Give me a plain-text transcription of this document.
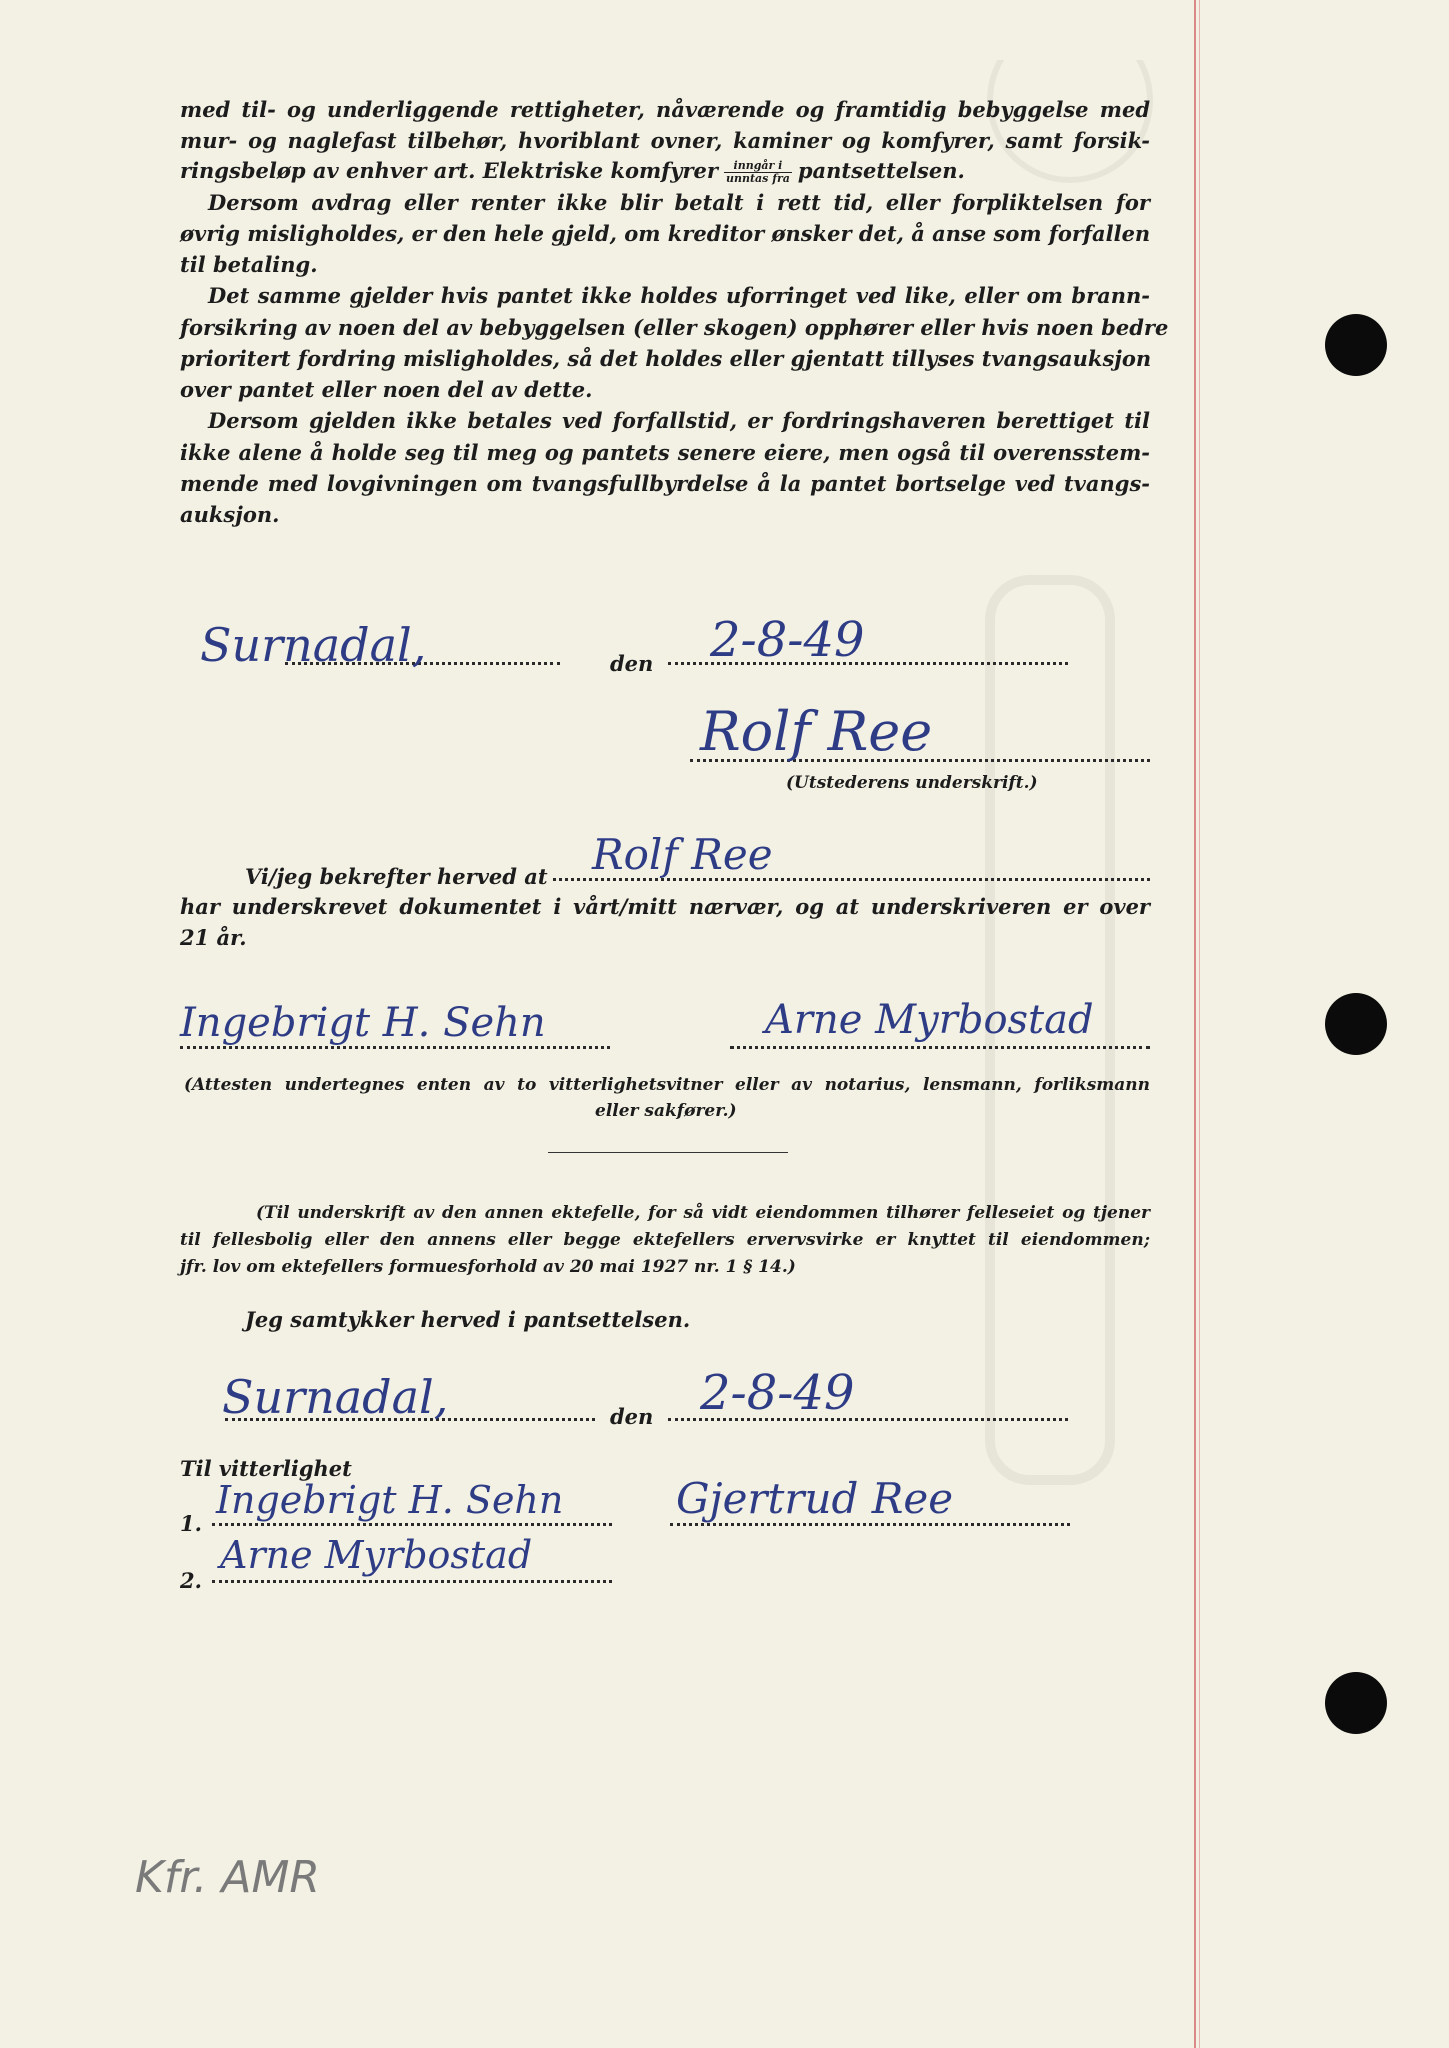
med til- og underliggende rettigheter, nåværende og framtidig bebyggelse med
mur- og naglefast tilbehør, hvoriblant ovner, kaminer og komfyrer, samt forsik-
ringsbeløp av enhver art. Elektriske komfyrer $\frac{\text{inngår i}}{\text{unntas fra}}$ pantsettelsen.
Dersom avdrag eller renter ikke blir betalt i rett tid, eller forpliktelsen for
øvrig misligholdes, er den hele gjeld, om kreditor ønsker det, å anse som forfallen
til betaling.
Det samme gjelder hvis pantet ikke holdes uforringet ved like, eller om brann-
forsikring av noen del av bebyggelsen (eller skogen) opphører eller hvis noen bedre
prioritert fordring misligholdes, så det holdes eller gjentatt tillyses tvangsauksjon
over pantet eller noen del av dette.
Dersom gjelden ikke betales ved forfallstid, er fordringshaveren berettiget til
ikke alene å holde seg til meg og pantets senere eiere, men også til overensstem-
mende med lovgivningen om tvangsfullbyrdelse å la pantet bortselge ved tvangs-
auksjon.
Surnadal,	den 2-8-49
Rolf Ree
(Utstederens underskrift.)
Vi/jeg bekrefter herved at Rolf Ree
har underskrevet dokumentet i vårt/mitt nærvær, og at underskriveren er over
21 år.
Ingebrigt H. Sehn	Arne Myrbostad
(Attesten undertegnes enten av to vitterlighetsvitner eller av notarius, lensmann, forliksmann
eller sakfører.)
(Til underskrift av den annen ektefelle, for så vidt eiendommen tilhører felleseiet og tjener
til fellesbolig eller den annens eller begge ektefellers ervervsvirke er knyttet til eiendommen;
jfr. lov om ektefellers formuesforhold av 20 mai 1927 nr. 1 § 14.)
Jeg samtykker herved i pantsettelsen.
Surnadal,	den 2-8-49
Til vitterlighet
1.
Ingebrigt H. Sehn	Gjertrud Ree
2.
Arne Myrbostad
Kfr. AMR
